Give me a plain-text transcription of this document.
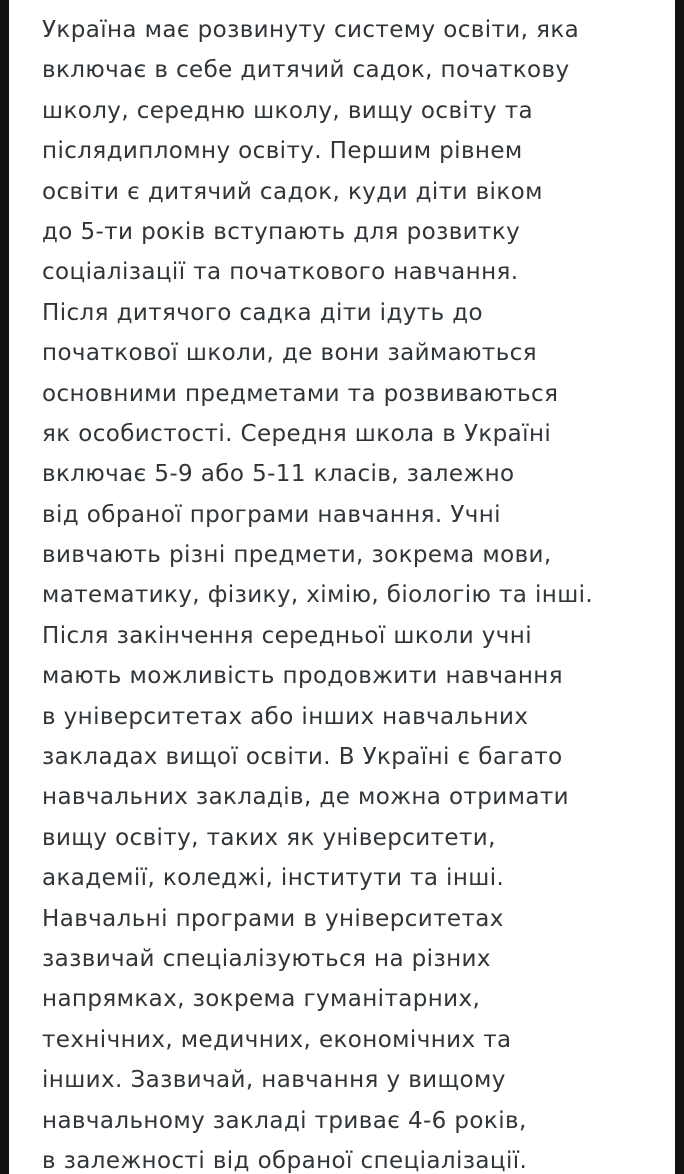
Україна має розвинуту систему освіти, яка
включає в себе дитячий садок, початкову
школу, середню школу, вищу освіту та
післядипломну освіту. Першим рівнем
освіти є дитячий садок, куди діти віком
до 5-ти років вступають для розвитку
соціалізації та початкового навчання.
Після дитячого садка діти ідуть до
початкової школи, де вони займаються
основними предметами та розвиваються
як особистості. Середня школа в Україні
включає 5-9 або 5-11 класів, залежно
від обраної програми навчання. Учні
вивчають різні предмети, зокрема мови,
математику, фізику, хімію, біологію та інші.
Після закінчення середньої школи учні
мають можливість продовжити навчання
в університетах або інших навчальних
закладах вищої освіти. В Україні є багато
навчальних закладів, де можна отримати
вищу освіту, таких як університети,
академії, коледжі, інститути та інші.
Навчальні програми в університетах
зазвичай спеціалізуються на різних
напрямках, зокрема гуманітарних,
технічних, медичних, економічних та
інших. Зазвичай, навчання у вищому
навчальному закладі триває 4-6 років,
в залежності від обраної спеціалізації.
